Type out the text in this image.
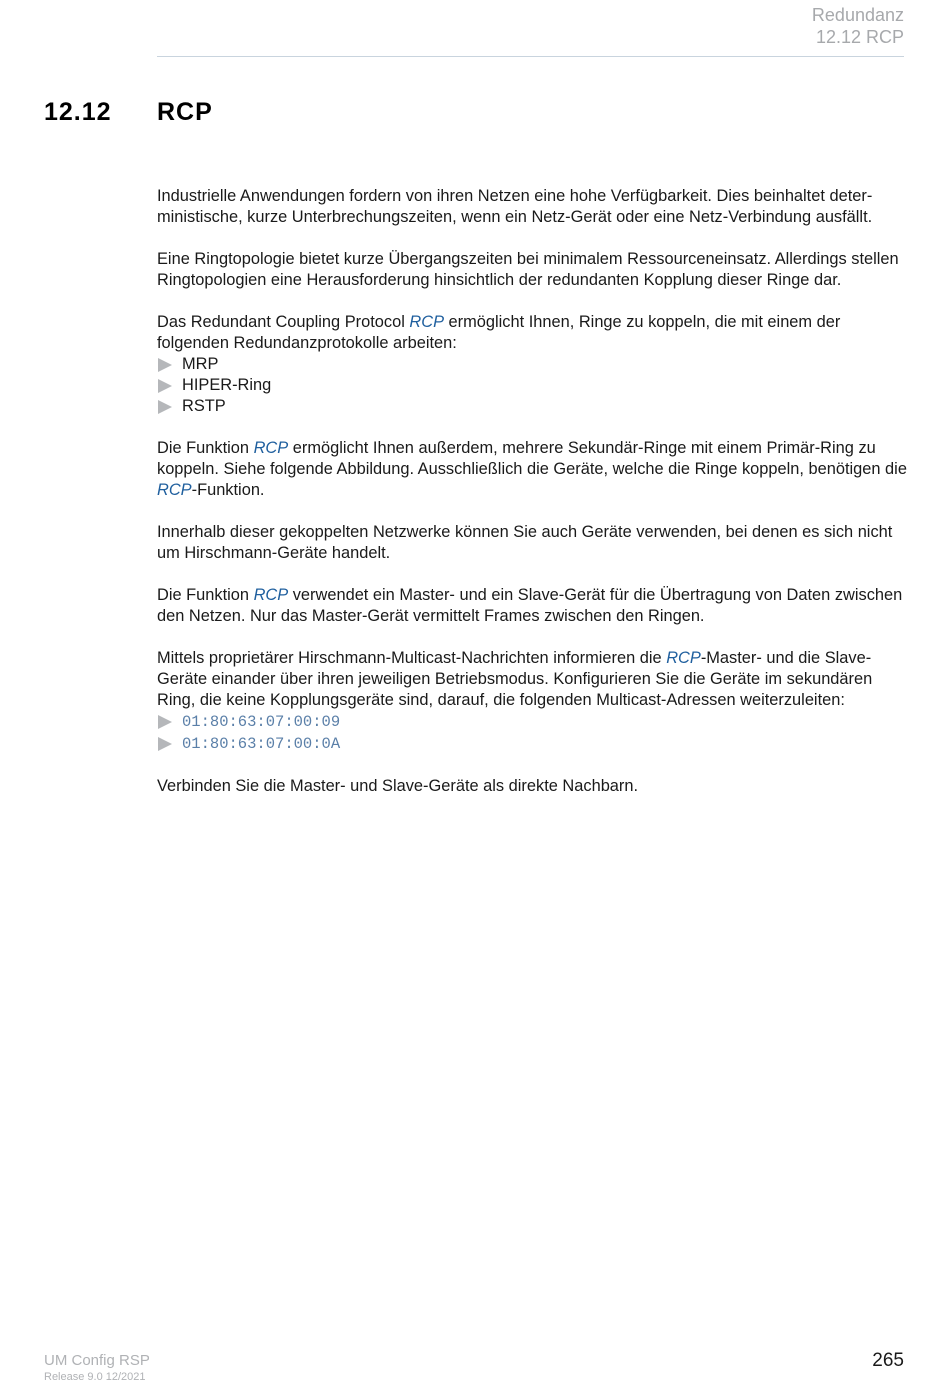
Redundanz
12.12 RCP
12.12 RCP

Industrielle Anwendungen fordern von ihren Netzen eine hohe Verfügbarkeit. Dies beinhaltet deterministische, kurze Unterbrechungszeiten, wenn ein Netz-Gerät oder eine Netz-Verbindung ausfällt.

Eine Ringtopologie bietet kurze Übergangszeiten bei minimalem Ressourceneinsatz. Allerdings stellen Ringtopologien eine Herausforderung hinsichtlich der redundanten Kopplung dieser Ringe dar.

Das Redundant Coupling Protocol RCP ermöglicht Ihnen, Ringe zu koppeln, die mit einem der folgenden Redundanzprotokolle arbeiten:

MRP
HIPER-Ring
RSTP

Die Funktion RCP ermöglicht Ihnen außerdem, mehrere Sekundär-Ringe mit einem Primär-Ring zu koppeln. Siehe folgende Abbildung. Ausschließlich die Geräte, welche die Ringe koppeln, benötigen die RCP-Funktion.

Innerhalb dieser gekoppelten Netzwerke können Sie auch Geräte verwenden, bei denen es sich nicht um Hirschmann-Geräte handelt.

Die Funktion RCP verwendet ein Master- und ein Slave-Gerät für die Übertragung von Daten zwischen den Netzen. Nur das Master-Gerät vermittelt Frames zwischen den Ringen.

Mittels proprietärer Hirschmann-Multicast-Nachrichten informieren die RCP-Master- und die Slave-Geräte einander über ihren jeweiligen Betriebsmodus. Konfigurieren Sie die Geräte im sekundären Ring, die keine Kopplungsgeräte sind, darauf, die folgenden Multicast-Adressen weiterzuleiten:

01:80:63:07:00:09
01:80:63:07:00:0A

Verbinden Sie die Master- und Slave-Geräte als direkte Nachbarn.

UM Config RSP
Release 9.0 12/2021
265
